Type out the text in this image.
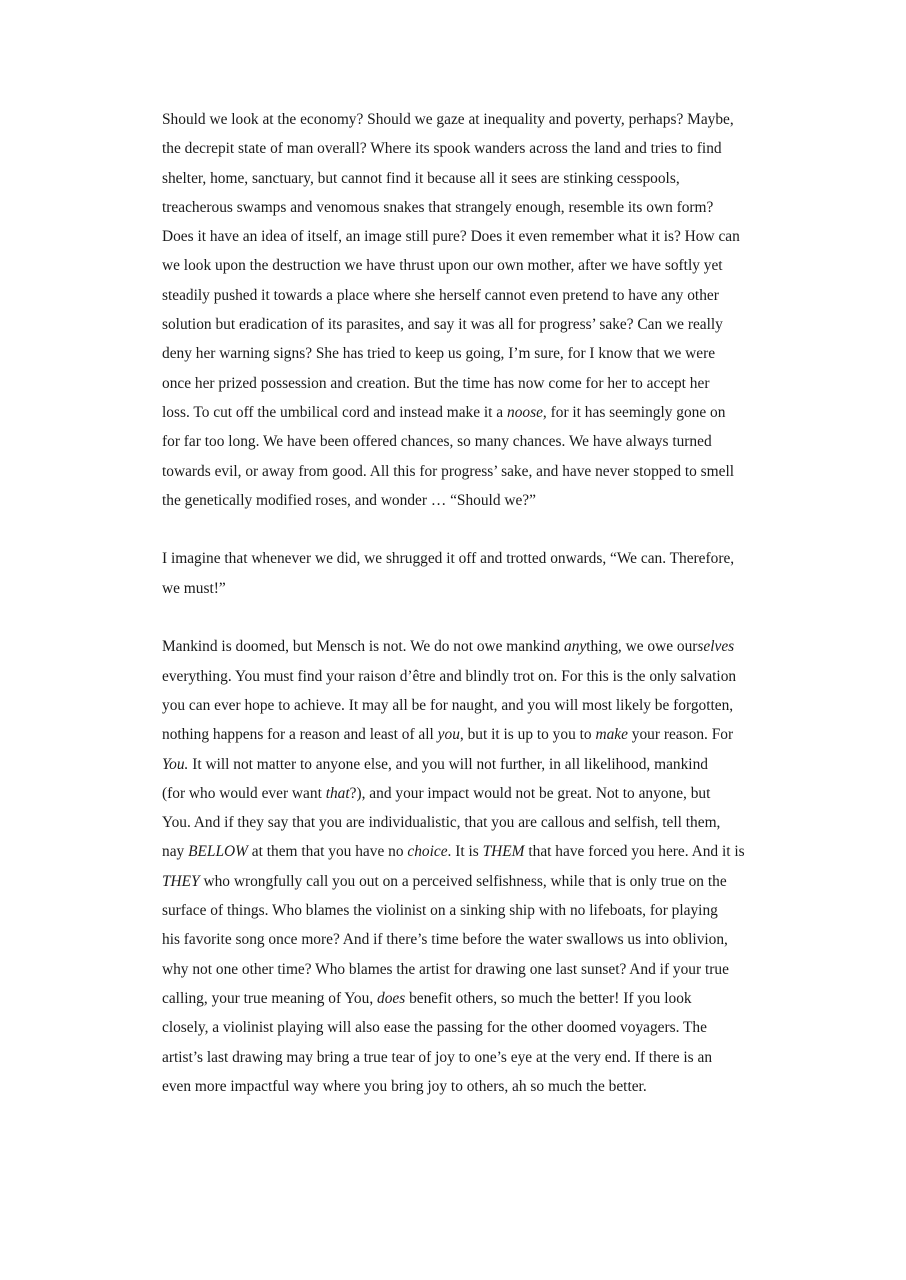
Should we look at the economy? Should we gaze at inequality and poverty, perhaps? Maybe,
the decrepit state of man overall? Where its spook wanders across the land and tries to find
shelter, home, sanctuary, but cannot find it because all it sees are stinking cesspools,
treacherous swamps and venomous snakes that strangely enough, resemble its own form?
Does it have an idea of itself, an image still pure? Does it even remember what it is? How can
we look upon the destruction we have thrust upon our own mother, after we have softly yet
steadily pushed it towards a place where she herself cannot even pretend to have any other
solution but eradication of its parasites, and say it was all for progress’ sake? Can we really
deny her warning signs? She has tried to keep us going, I’m sure, for I know that we were
once her prized possession and creation. But the time has now come for her to accept her
loss. To cut off the umbilical cord and instead make it a noose, for it has seemingly gone on
for far too long. We have been offered chances, so many chances. We have always turned
towards evil, or away from good. All this for progress’ sake, and have never stopped to smell
the genetically modified roses, and wonder … “Should we?”

I imagine that whenever we did, we shrugged it off and trotted onwards, “We can. Therefore,
we must!”

Mankind is doomed, but Mensch is not. We do not owe mankind anything, we owe ourselves
everything. You must find your raison d’être and blindly trot on. For this is the only salvation
you can ever hope to achieve. It may all be for naught, and you will most likely be forgotten,
nothing happens for a reason and least of all you, but it is up to you to make your reason. For
You. It will not matter to anyone else, and you will not further, in all likelihood, mankind
(for who would ever want that?), and your impact would not be great. Not to anyone, but
You. And if they say that you are individualistic, that you are callous and selfish, tell them,
nay BELLOW at them that you have no choice. It is THEM that have forced you here. And it is
THEY who wrongfully call you out on a perceived selfishness, while that is only true on the
surface of things. Who blames the violinist on a sinking ship with no lifeboats, for playing
his favorite song once more? And if there’s time before the water swallows us into oblivion,
why not one other time? Who blames the artist for drawing one last sunset? And if your true
calling, your true meaning of You, does benefit others, so much the better! If you look
closely, a violinist playing will also ease the passing for the other doomed voyagers. The
artist’s last drawing may bring a true tear of joy to one’s eye at the very end. If there is an
even more impactful way where you bring joy to others, ah so much the better.
